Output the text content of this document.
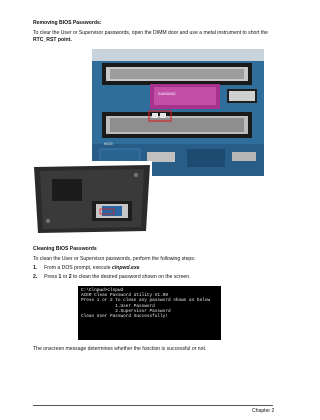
Removing BIOS Passwords:
To clear the User or Supervisor passwords, open the DIMM door and use a metal instrument to short the
RTC_RST point.
SAMSUNG
HDD0
Cleaning BIOS Passwords
To clean the User or Supervisor passwords, perform the following steps:
1. From a DOS prompt, execute clnpwd.exe
2. Press 1 or 2 to clean the desired password shown on the screen.
C:\Clnpwd>clnpwd
ACER Clean Password Utility V1.00
Press 1 or 2 to clean any password shown as below
1.User Password
2.Supervisor Password
Clean User Password Successfully!
The onscreen message determines whether the function is successful or not.
Chapter 2
